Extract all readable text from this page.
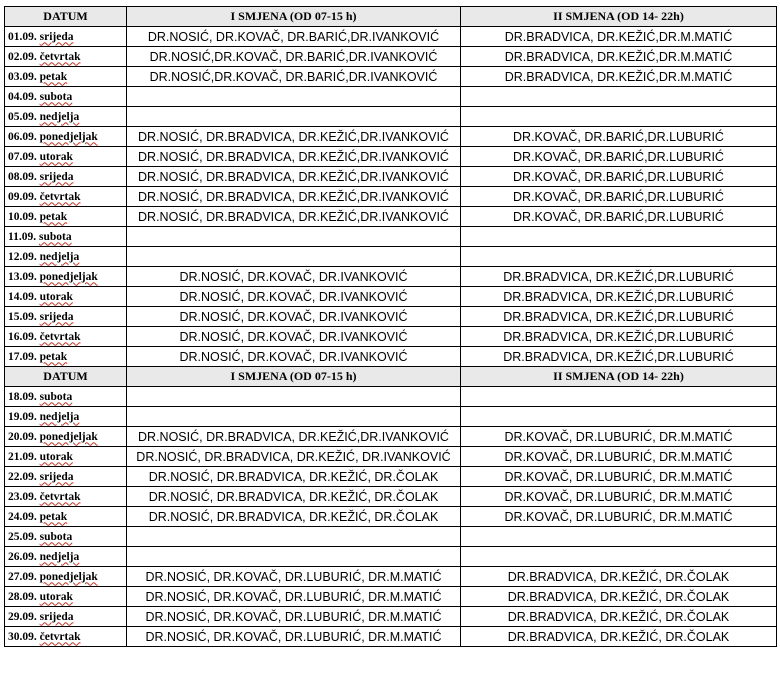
DATUM	I SMJENA (OD 07-15 h)	II SMJENA (OD 14- 22h)
01.09. srijeda	DR.NOSIĆ, DR.KOVAČ, DR.BARIĆ,DR.IVANKOVIĆ	DR.BRADVICA, DR.KEŽIĆ,DR.M.MATIĆ
02.09. četvrtak	DR.NOSIĆ,DR.KOVAČ, DR.BARIĆ,DR.IVANKOVIĆ	DR.BRADVICA, DR.KEŽIĆ,DR.M.MATIĆ
03.09. petak	DR.NOSIĆ,DR.KOVAČ, DR.BARIĆ,DR.IVANKOVIĆ	DR.BRADVICA, DR.KEŽIĆ,DR.M.MATIĆ
04.09. subota		
05.09. nedjelja		
06.09. ponedjeljak	DR.NOSIĆ, DR.BRADVICA, DR.KEŽIĆ,DR.IVANKOVIĆ	DR.KOVAČ, DR.BARIĆ,DR.LUBURIĆ
07.09. utorak	DR.NOSIĆ, DR.BRADVICA, DR.KEŽIĆ,DR.IVANKOVIĆ	DR.KOVAČ, DR.BARIĆ,DR.LUBURIĆ
08.09. srijeda	DR.NOSIĆ, DR.BRADVICA, DR.KEŽIĆ,DR.IVANKOVIĆ	DR.KOVAČ, DR.BARIĆ,DR.LUBURIĆ
09.09. četvrtak	DR.NOSIĆ, DR.BRADVICA, DR.KEŽIĆ,DR.IVANKOVIĆ	DR.KOVAČ, DR.BARIĆ,DR.LUBURIĆ
10.09. petak	DR.NOSIĆ, DR.BRADVICA, DR.KEŽIĆ,DR.IVANKOVIĆ	DR.KOVAČ, DR.BARIĆ,DR.LUBURIĆ
11.09. subota		
12.09. nedjelja		
13.09. ponedjeljak	DR.NOSIĆ, DR.KOVAČ, DR.IVANKOVIĆ	DR.BRADVICA, DR.KEŽIĆ,DR.LUBURIĆ
14.09. utorak	DR.NOSIĆ, DR.KOVAČ, DR.IVANKOVIĆ	DR.BRADVICA, DR.KEŽIĆ,DR.LUBURIĆ
15.09. srijeda	DR.NOSIĆ, DR.KOVAČ, DR.IVANKOVIĆ	DR.BRADVICA, DR.KEŽIĆ,DR.LUBURIĆ
16.09. četvrtak	DR.NOSIĆ, DR.KOVAČ, DR.IVANKOVIĆ	DR.BRADVICA, DR.KEŽIĆ,DR.LUBURIĆ
17.09. petak	DR.NOSIĆ, DR.KOVAČ, DR.IVANKOVIĆ	DR.BRADVICA, DR.KEŽIĆ,DR.LUBURIĆ
DATUM	I SMJENA (OD 07-15 h)	II SMJENA (OD 14- 22h)
18.09. subota		
19.09. nedjelja		
20.09. ponedjeljak	DR.NOSIĆ, DR.BRADVICA, DR.KEŽIĆ,DR.IVANKOVIĆ	DR.KOVAČ, DR.LUBURIĆ, DR.M.MATIĆ
21.09. utorak	DR.NOSIĆ, DR.BRADVICA, DR.KEŽIĆ, DR.IVANKOVIĆ	DR.KOVAČ, DR.LUBURIĆ, DR.M.MATIĆ
22.09. srijeda	DR.NOSIĆ, DR.BRADVICA, DR.KEŽIĆ, DR.ČOLAK	DR.KOVAČ, DR.LUBURIĆ, DR.M.MATIĆ
23.09. četvrtak	DR.NOSIĆ, DR.BRADVICA, DR.KEŽIĆ, DR.ČOLAK	DR.KOVAČ, DR.LUBURIĆ, DR.M.MATIĆ
24.09. petak	DR.NOSIĆ, DR.BRADVICA, DR.KEŽIĆ, DR.ČOLAK	DR.KOVAČ, DR.LUBURIĆ, DR.M.MATIĆ
25.09. subota		
26.09. nedjelja		
27.09. ponedjeljak	DR.NOSIĆ, DR.KOVAČ, DR.LUBURIĆ, DR.M.MATIĆ	DR.BRADVICA, DR.KEŽIĆ, DR.ČOLAK
28.09. utorak	DR.NOSIĆ, DR.KOVAČ, DR.LUBURIĆ, DR.M.MATIĆ	DR.BRADVICA, DR.KEŽIĆ, DR.ČOLAK
29.09. srijeda	DR.NOSIĆ, DR.KOVAČ, DR.LUBURIĆ, DR.M.MATIĆ	DR.BRADVICA, DR.KEŽIĆ, DR.ČOLAK
30.09. četvrtak	DR.NOSIĆ, DR.KOVAČ, DR.LUBURIĆ, DR.M.MATIĆ	DR.BRADVICA, DR.KEŽIĆ, DR.ČOLAK
